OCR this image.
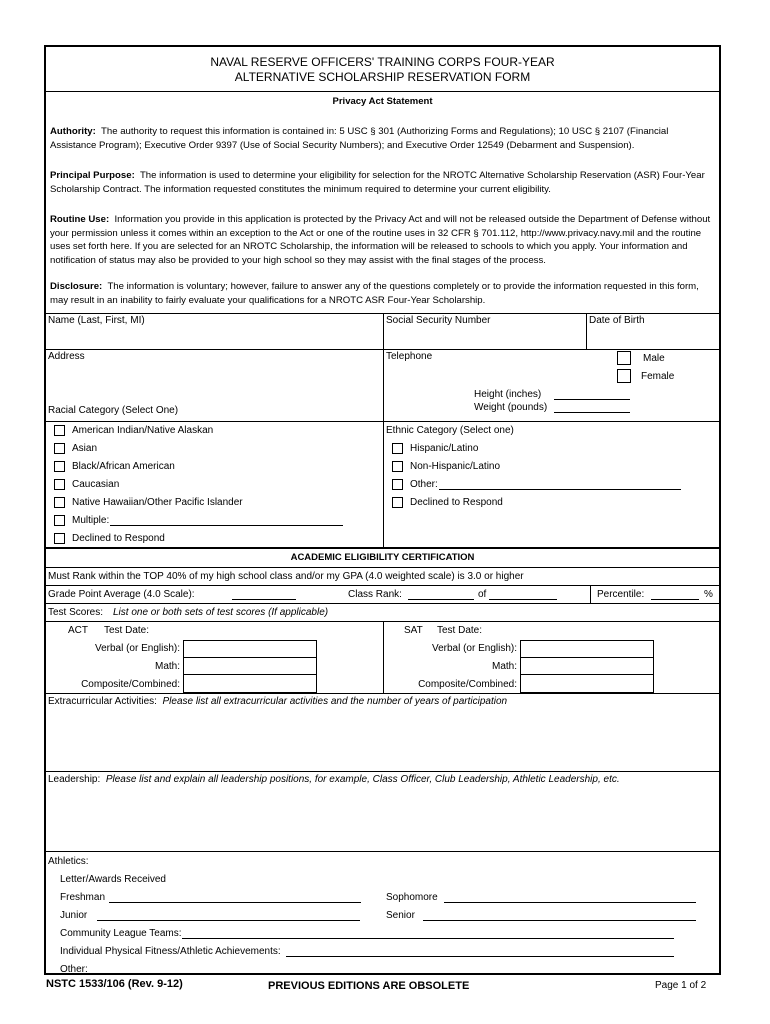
NAVAL RESERVE OFFICERS' TRAINING CORPS FOUR-YEAR
ALTERNATIVE SCHOLARSHIP RESERVATION FORM
Privacy Act Statement
Authority: The authority to request this information is contained in: 5 USC § 301 (Authorizing Forms and Regulations); 10 USC § 2107 (Financial Assistance Program); Executive Order 9397 (Use of Social Security Numbers); and Executive Order 12549 (Debarment and Suspension).
Principal Purpose: The information is used to determine your eligibility for selection for the NROTC Alternative Scholarship Reservation (ASR) Four-Year Scholarship Contract. The information requested constitutes the minimum required to determine your current eligibility.
Routine Use: Information you provide in this application is protected by the Privacy Act and will not be released outside the Department of Defense without your permission unless it comes within an exception to the Act or one of the routine uses in 32 CFR § 701.112, http://www.privacy.navy.mil and the routine uses set forth here. If you are selected for an NROTC Scholarship, the information will be released to schools to which you apply. Your information and notification of status may also be provided to your high school so they may assist with the final stages of the process.
Disclosure: The information is voluntary; however, failure to answer any of the questions completely or to provide the information requested in this form, may result in an inability to fairly evaluate your qualifications for a NROTC ASR Four-Year Scholarship.
Name (Last, First, MI)	Social Security Number	Date of Birth
Address	Telephone	Male
Female
Height (inches)
Weight (pounds)
Racial Category (Select One)
American Indian/Native Alaskan
Asian
Black/African American
Caucasian
Native Hawaiian/Other Pacific Islander
Multiple:
Declined to Respond
Ethnic Category (Select one)
Hispanic/Latino
Non-Hispanic/Latino
Other:
Declined to Respond
ACADEMIC ELIGIBILITY CERTIFICATION
Must Rank within the TOP 40% of my high school class and/or my GPA (4.0 weighted scale) is 3.0 or higher
Grade Point Average (4.0 Scale):	Class Rank:	of	Percentile:	%
Test Scores: List one or both sets of test scores (If applicable)
ACT Test Date:
Verbal (or English):
Math:
Composite/Combined:
SAT Test Date:
Verbal (or English):
Math:
Composite/Combined:
Extracurricular Activities: Please list all extracurricular activities and the number of years of participation
Leadership: Please list and explain all leadership positions, for example, Class Officer, Club Leadership, Athletic Leadership, etc.
Athletics:
Letter/Awards Received
Freshman	Sophomore
Junior	Senior
Community League Teams:
Individual Physical Fitness/Athletic Achievements:
Other:
NSTC 1533/106 (Rev. 9-12)	PREVIOUS EDITIONS ARE OBSOLETE	Page 1 of 2
